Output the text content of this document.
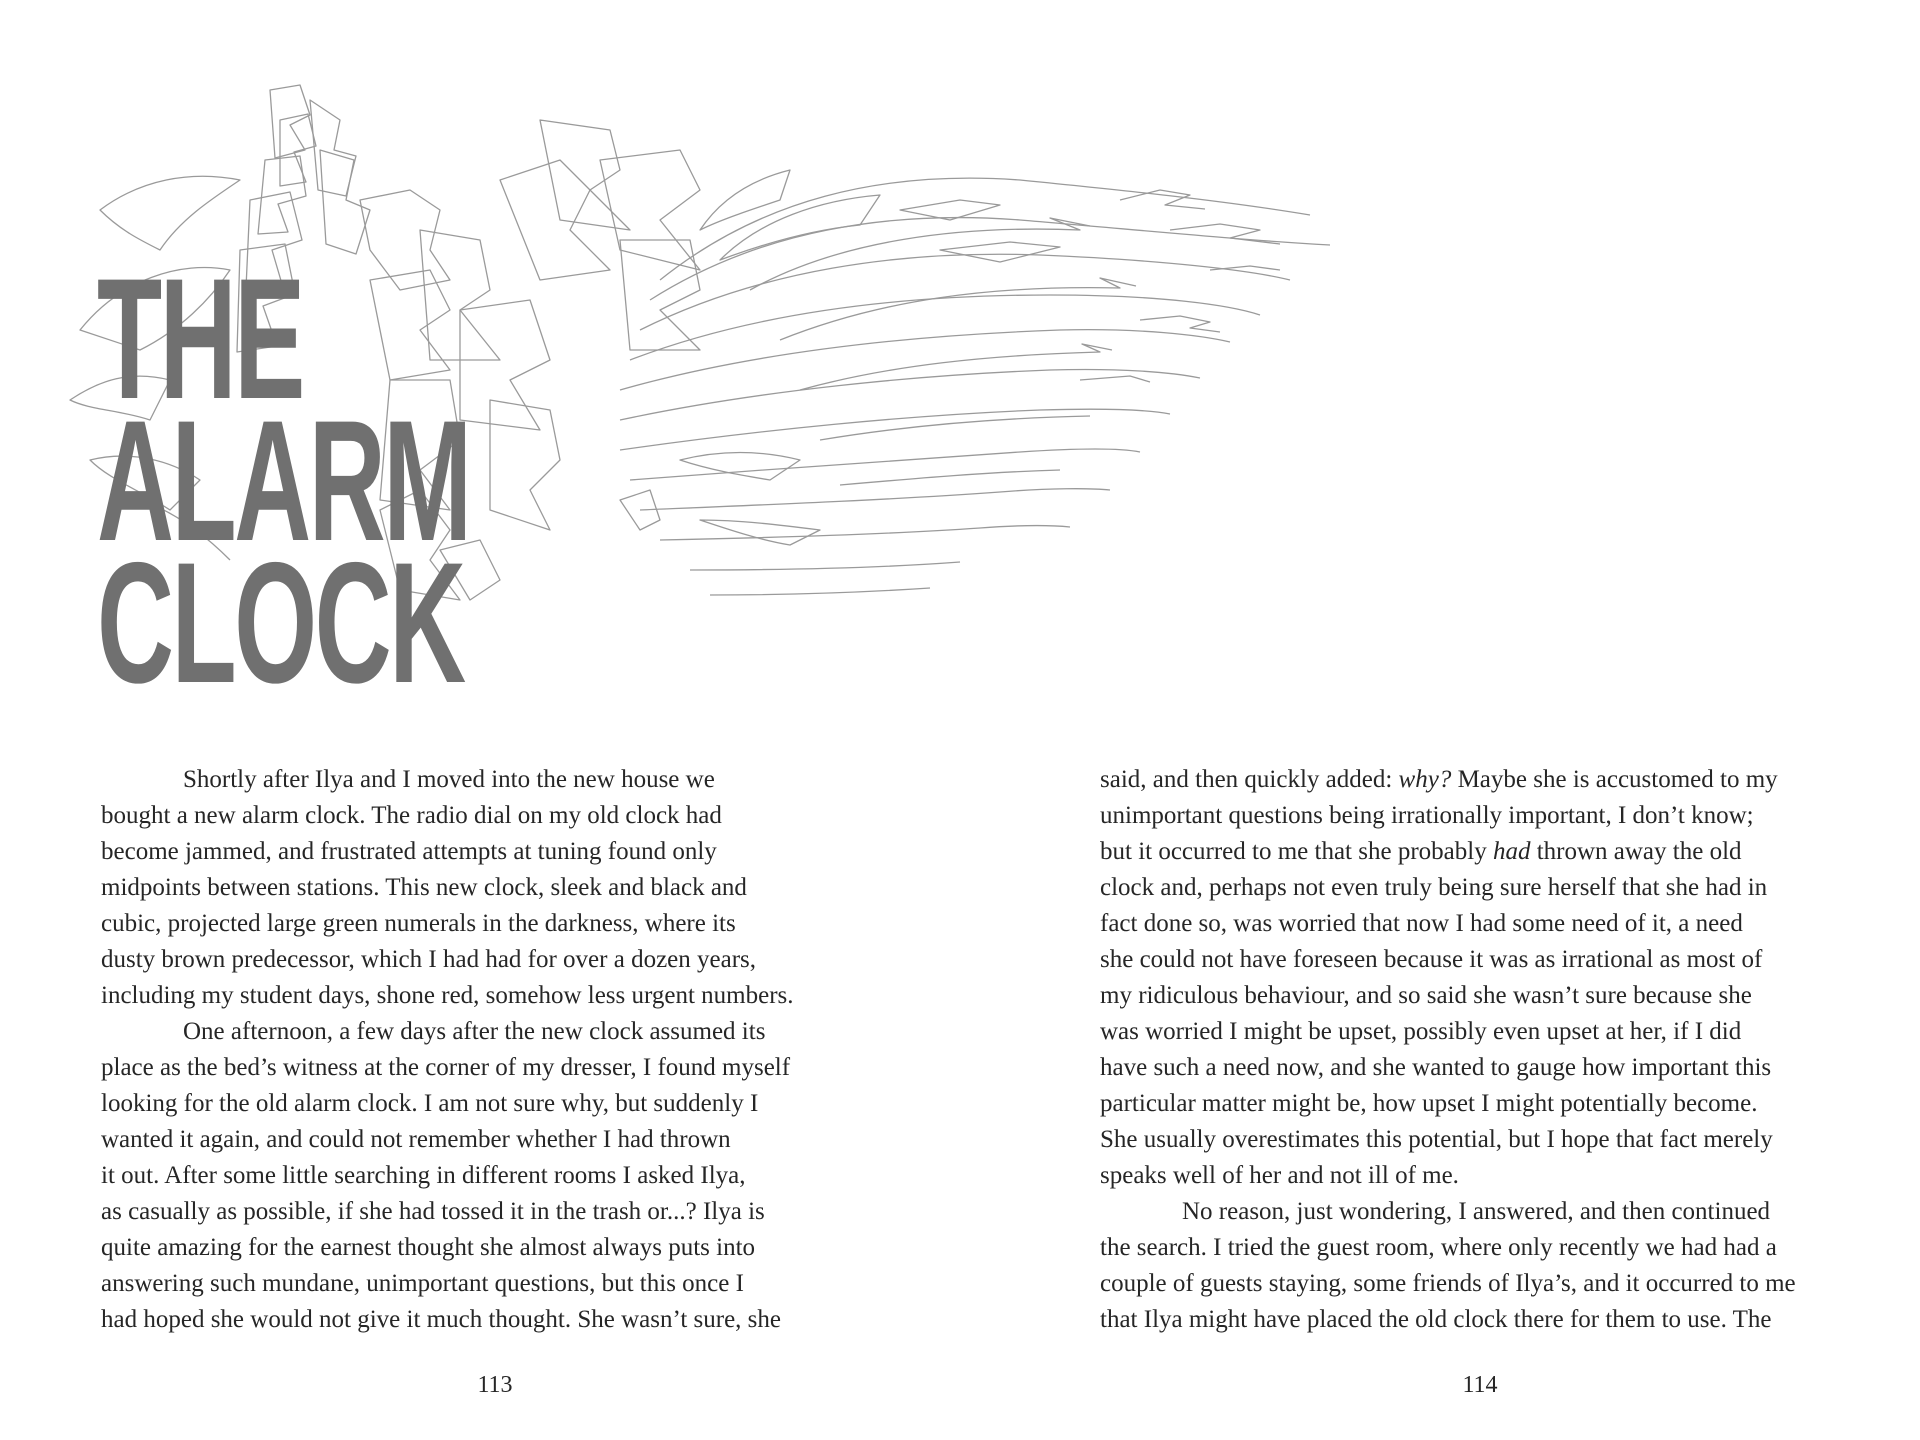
THE
ALARM
CLOCK
Shortly after Ilya and I moved into the new house we
bought a new alarm clock. The radio dial on my old clock had
become jammed, and frustrated attempts at tuning found only
midpoints between stations. This new clock, sleek and black and
cubic, projected large green numerals in the darkness, where its
dusty brown predecessor, which I had had for over a dozen years,
including my student days, shone red, somehow less urgent numbers.
One afternoon, a few days after the new clock assumed its
place as the bed’s witness at the corner of my dresser, I found myself
looking for the old alarm clock. I am not sure why, but suddenly I
wanted it again, and could not remember whether I had thrown
it out. After some little searching in different rooms I asked Ilya,
as casually as possible, if she had tossed it in the trash or...? Ilya is
quite amazing for the earnest thought she almost always puts into
answering such mundane, unimportant questions, but this once I
had hoped she would not give it much thought. She wasn’t sure, she
said, and then quickly added: why? Maybe she is accustomed to my
unimportant questions being irrationally important, I don’t know;
but it occurred to me that she probably had thrown away the old
clock and, perhaps not even truly being sure herself that she had in
fact done so, was worried that now I had some need of it, a need
she could not have foreseen because it was as irrational as most of
my ridiculous behaviour, and so said she wasn’t sure because she
was worried I might be upset, possibly even upset at her, if I did
have such a need now, and she wanted to gauge how important this
particular matter might be, how upset I might potentially become.
She usually overestimates this potential, but I hope that fact merely
speaks well of her and not ill of me.
No reason, just wondering, I answered, and then continued
the search. I tried the guest room, where only recently we had had a
couple of guests staying, some friends of Ilya’s, and it occurred to me
that Ilya might have placed the old clock there for them to use. The
113	114
